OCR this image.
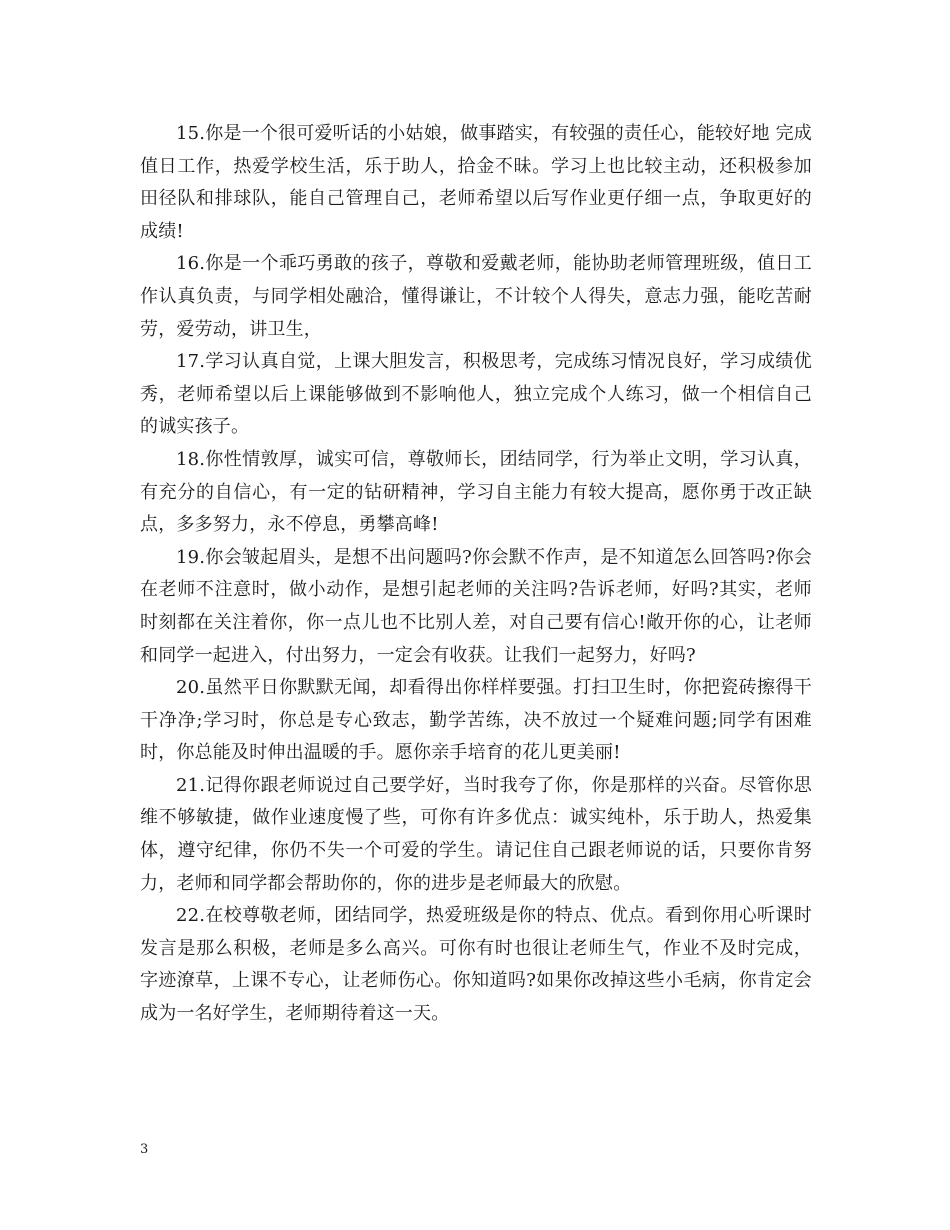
15.你是一个很可爱听话的小姑娘，做事踏实，有较强的责任心，能较好地 完成值日工作，热爱学校生活，乐于助人，拾金不昧。学习上也比较主动，还积极参加田径队和排球队，能自己管理自己，老师希望以后写作业更仔细一点，争取更好的成绩!

16.你是一个乖巧勇敢的孩子，尊敬和爱戴老师，能协助老师管理班级，值日工作认真负责，与同学相处融洽，懂得谦让，不计较个人得失，意志力强，能吃苦耐劳，爱劳动，讲卫生，

17.学习认真自觉，上课大胆发言，积极思考，完成练习情况良好，学习成绩优秀，老师希望以后上课能够做到不影响他人，独立完成个人练习，做一个相信自己的诚实孩子。

18.你性情敦厚，诚实可信，尊敬师长，团结同学，行为举止文明，学习认真，有充分的自信心，有一定的钻研精神，学习自主能力有较大提高，愿你勇于改正缺点，多多努力，永不停息，勇攀高峰!

19.你会皱起眉头，是想不出问题吗?你会默不作声，是不知道怎么回答吗?你会在老师不注意时，做小动作，是想引起老师的关注吗?告诉老师，好吗?其实，老师时刻都在关注着你，你一点儿也不比别人差，对自己要有信心!敞开你的心，让老师和同学一起进入，付出努力，一定会有收获。让我们一起努力，好吗?

20.虽然平日你默默无闻，却看得出你样样要强。打扫卫生时，你把瓷砖擦得干干净净;学习时，你总是专心致志，勤学苦练，决不放过一个疑难问题;同学有困难时，你总能及时伸出温暖的手。愿你亲手培育的花儿更美丽!

21.记得你跟老师说过自己要学好，当时我夸了你，你是那样的兴奋。尽管你思维不够敏捷，做作业速度慢了些，可你有许多优点：诚实纯朴，乐于助人，热爱集体，遵守纪律，你仍不失一个可爱的学生。请记住自己跟老师说的话，只要你肯努力，老师和同学都会帮助你的，你的进步是老师最大的欣慰。

22.在校尊敬老师，团结同学，热爱班级是你的特点、优点。看到你用心听课时发言是那么积极，老师是多么高兴。可你有时也很让老师生气，作业不及时完成，字迹潦草，上课不专心，让老师伤心。你知道吗?如果你改掉这些小毛病，你肯定会成为一名好学生，老师期待着这一天。

3
